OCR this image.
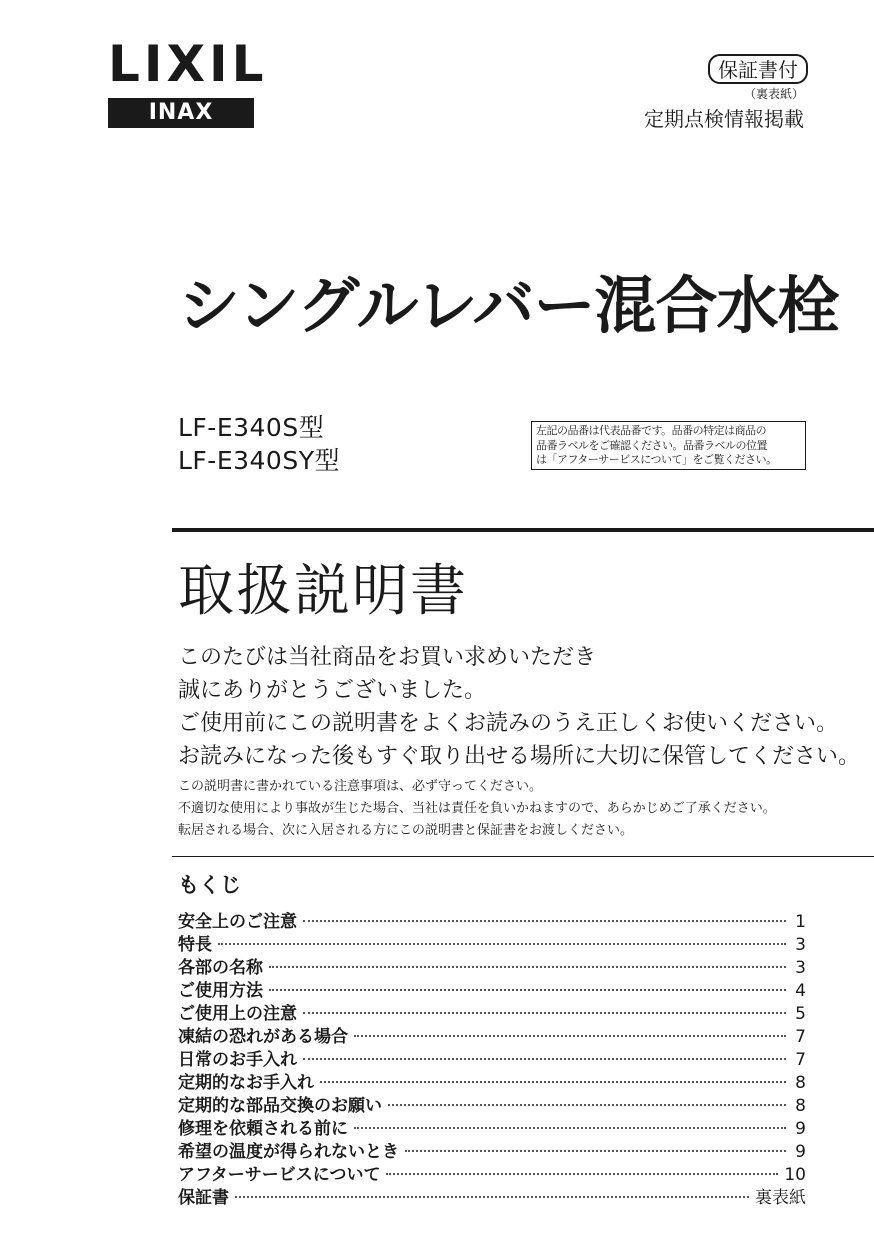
LIXIL
INAX
保証書付
（裏表紙）
定期点検情報掲載
シングルレバー混合水栓
LF-E340S型
LF-E340SY型
左記の品番は代表品番です。品番の特定は商品の
品番ラベルをご確認ください。品番ラベルの位置
は「アフターサービスについて」をご覧ください。
取扱説明書
このたびは当社商品をお買い求めいただき
誠にありがとうございました。
ご使用前にこの説明書をよくお読みのうえ正しくお使いください。
お読みになった後もすぐ取り出せる場所に大切に保管してください。
この説明書に書かれている注意事項は、必ず守ってください。
不適切な使用により事故が生じた場合、当社は責任を負いかねますので、あらかじめご了承ください。
転居される場合、次に入居される方にこの説明書と保証書をお渡しください。
もくじ
安全上のご注意	1
特長	3
各部の名称	3
ご使用方法	4
ご使用上の注意	5
凍結の恐れがある場合	7
日常のお手入れ	7
定期的なお手入れ	8
定期的な部品交換のお願い	8
修理を依頼される前に	9
希望の温度が得られないとき	9
アフターサービスについて	10
保証書	裏表紙
